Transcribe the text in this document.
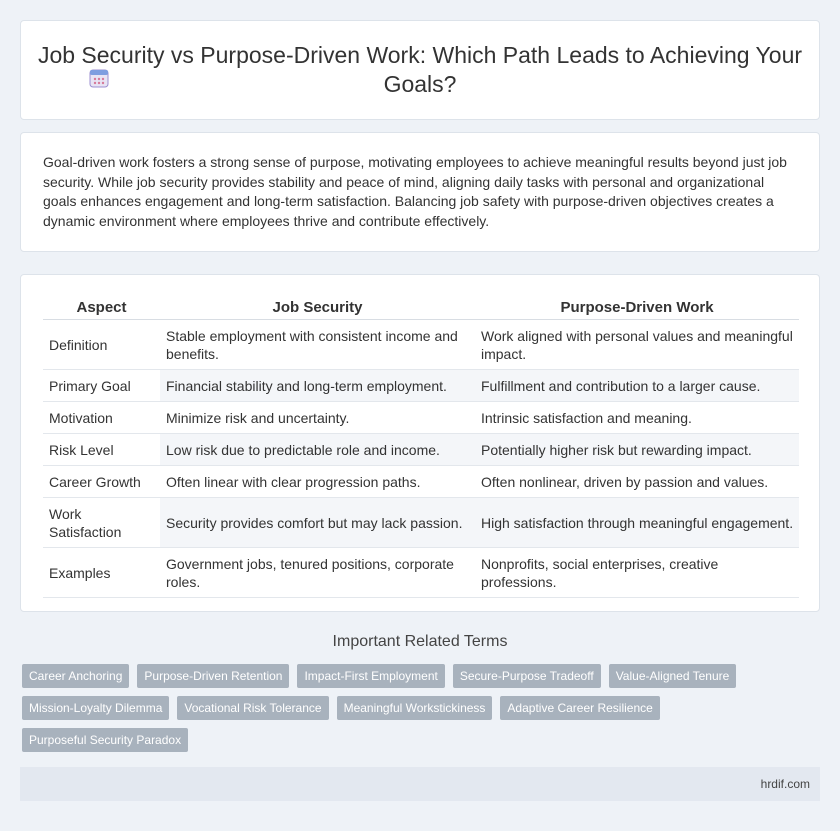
Job Security vs Purpose-Driven Work: Which Path Leads to Achieving Your Goals?

Goal-driven work fosters a strong sense of purpose, motivating employees to achieve meaningful results beyond just job security. While job security provides stability and peace of mind, aligning daily tasks with personal and organizational goals enhances engagement and long-term satisfaction. Balancing job safety with purpose-driven objectives creates a dynamic environment where employees thrive and contribute effectively.

Aspect	Job Security	Purpose-Driven Work
Definition	Stable employment with consistent income and benefits.	Work aligned with personal values and meaningful impact.
Primary Goal	Financial stability and long-term employment.	Fulfillment and contribution to a larger cause.
Motivation	Minimize risk and uncertainty.	Intrinsic satisfaction and meaning.
Risk Level	Low risk due to predictable role and income.	Potentially higher risk but rewarding impact.
Career Growth	Often linear with clear progression paths.	Often nonlinear, driven by passion and values.
Work Satisfaction	Security provides comfort but may lack passion.	High satisfaction through meaningful engagement.
Examples	Government jobs, tenured positions, corporate roles.	Nonprofits, social enterprises, creative professions.
Important Related Terms
Career Anchoring	Purpose-Driven Retention	Impact-First Employment	Secure-Purpose Tradeoff	Value-Aligned Tenure
Mission-Loyalty Dilemma	Vocational Risk Tolerance	Meaningful Workstickiness	Adaptive Career Resilience
Purposeful Security Paradox
hrdif.com
